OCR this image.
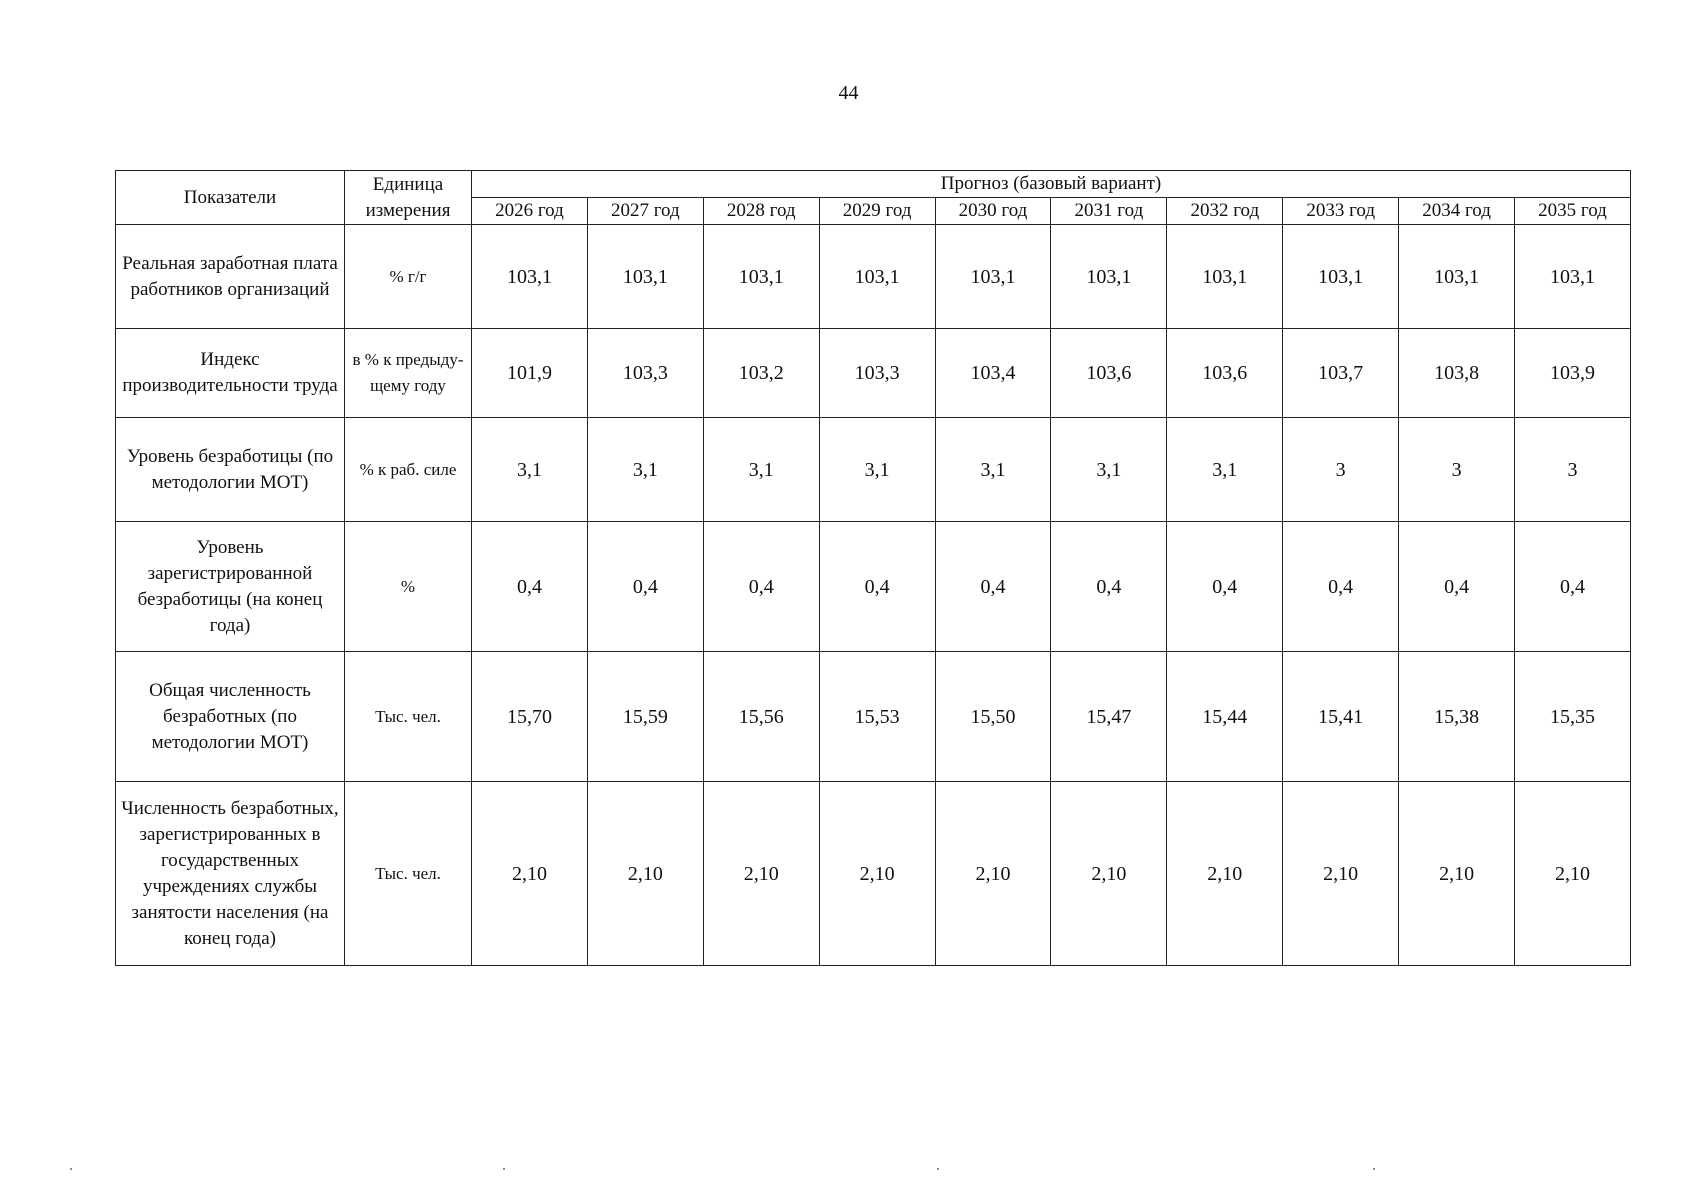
44
Показатели	Единица измерения	Прогноз (базовый вариант)									
		2026 год	2027 год	2028 год	2029 год	2030 год	2031 год	2032 год	2033 год	2034 год	2035 год
Реальная заработная плата работников организаций	% г/г	103,1	103,1	103,1	103,1	103,1	103,1	103,1	103,1	103,1	103,1
Индекс производительности труда	в % к предыду-щему году	101,9	103,3	103,2	103,3	103,4	103,6	103,6	103,7	103,8	103,9
Уровень безработицы (по методологии МОТ)	% к раб. силе	3,1	3,1	3,1	3,1	3,1	3,1	3,1	3	3	3
Уровень зарегистрированной безработицы (на конец года)	%	0,4	0,4	0,4	0,4	0,4	0,4	0,4	0,4	0,4	0,4
Общая численность безработных (по методологии МОТ)	Тыс. чел.	15,70	15,59	15,56	15,53	15,50	15,47	15,44	15,41	15,38	15,35
Численность безработных, зарегистрированных в государственных учреждениях службы занятости населения (на конец года)	Тыс. чел.	2,10	2,10	2,10	2,10	2,10	2,10	2,10	2,10	2,10	2,10
